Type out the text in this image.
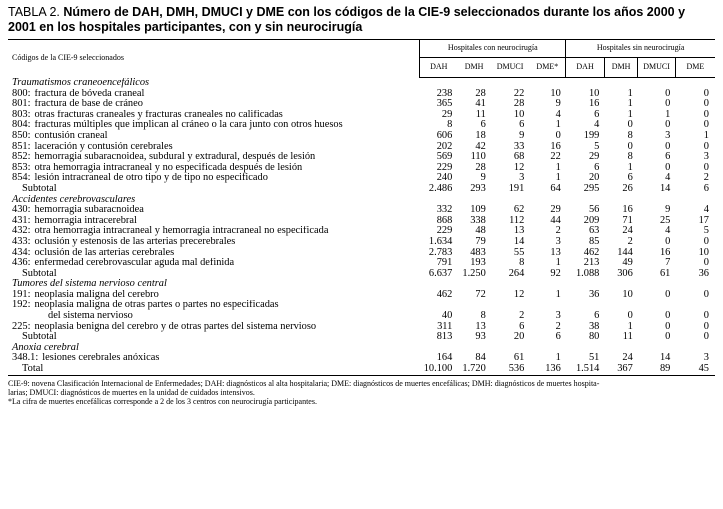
TABLA 2. Número de DAH, DMH, DMUCI y DME con los códigos de la CIE-9 seleccionados durante los años 2000 y 2001 en los hospitales participantes, con y sin neurocirugía
Códigos de la CIE-9 seleccionados	Hospitales con neurocirugía				Hospitales sin neurocirugía			
	DAH	DMH	DMUCI	DME*	DAH	DMH	DMUCI	DME
Traumatismos craneoencefálicos								
800: fractura de bóveda craneal	238	28	22	10	10	1	0	0
801: fractura de base de cráneo	365	41	28	9	16	1	0	0
803: otras fracturas craneales y fracturas craneales no calificadas	29	11	10	4	6	1	1	0
804: fracturas múltiples que implican al cráneo o la cara junto con otros huesos	8	6	6	1	4	0	0	0
850: contusión craneal	606	18	9	0	199	8	3	1
851: laceración y contusión cerebrales	202	42	33	16	5	0	0	0
852: hemorragia subaracnoidea, subdural y extradural, después de lesión	569	110	68	22	29	8	6	3
853: otra hemorragia intracraneal y no especificada después de lesión	229	28	12	1	6	1	0	0
854: lesión intracraneal de otro tipo y de tipo no especificado	240	9	3	1	20	6	4	2
Subtotal	2.486	293	191	64	295	26	14	6
Accidentes cerebrovasculares								
430: hemorragia subaracnoidea	332	109	62	29	56	16	9	4
431: hemorragia intracerebral	868	338	112	44	209	71	25	17
432: otra hemorragia intracraneal y hemorragia intracraneal no especificada	229	48	13	2	63	24	4	5
433: oclusión y estenosis de las arterias precerebrales	1.634	79	14	3	85	2	0	0
434: oclusión de las arterias cerebrales	2.783	483	55	13	462	144	16	10
436: enfermedad cerebrovascular aguda mal definida	791	193	8	1	213	49	7	0
Subtotal	6.637	1.250	264	92	1.088	306	61	36
Tumores del sistema nervioso central								
191: neoplasia maligna del cerebro	462	72	12	1	36	10	0	0
192: neoplasia maligna de otras partes o partes no especificadas								
del sistema nervioso	40	8	2	3	6	0	0	0
225: neoplasia benigna del cerebro y de otras partes del sistema nervioso	311	13	6	2	38	1	0	0
Subtotal	813	93	20	6	80	11	0	0
Anoxia cerebral								
348.1: lesiones cerebrales anóxicas	164	84	61	1	51	24	14	3
Total	10.100	1.720	536	136	1.514	367	89	45
CIE-9: novena Clasificación Internacional de Enfermedades; DAH: diagnósticos al alta hospitalaria; DME: diagnósticos de muertes encefálicas; DMH: diagnósticos de muertes hospita-
larias; DMUCI: diagnósticos de muertes en la unidad de cuidados intensivos.
*La cifra de muertes encefálicas corresponde a 2 de los 3 centros con neurocirugía participantes.
